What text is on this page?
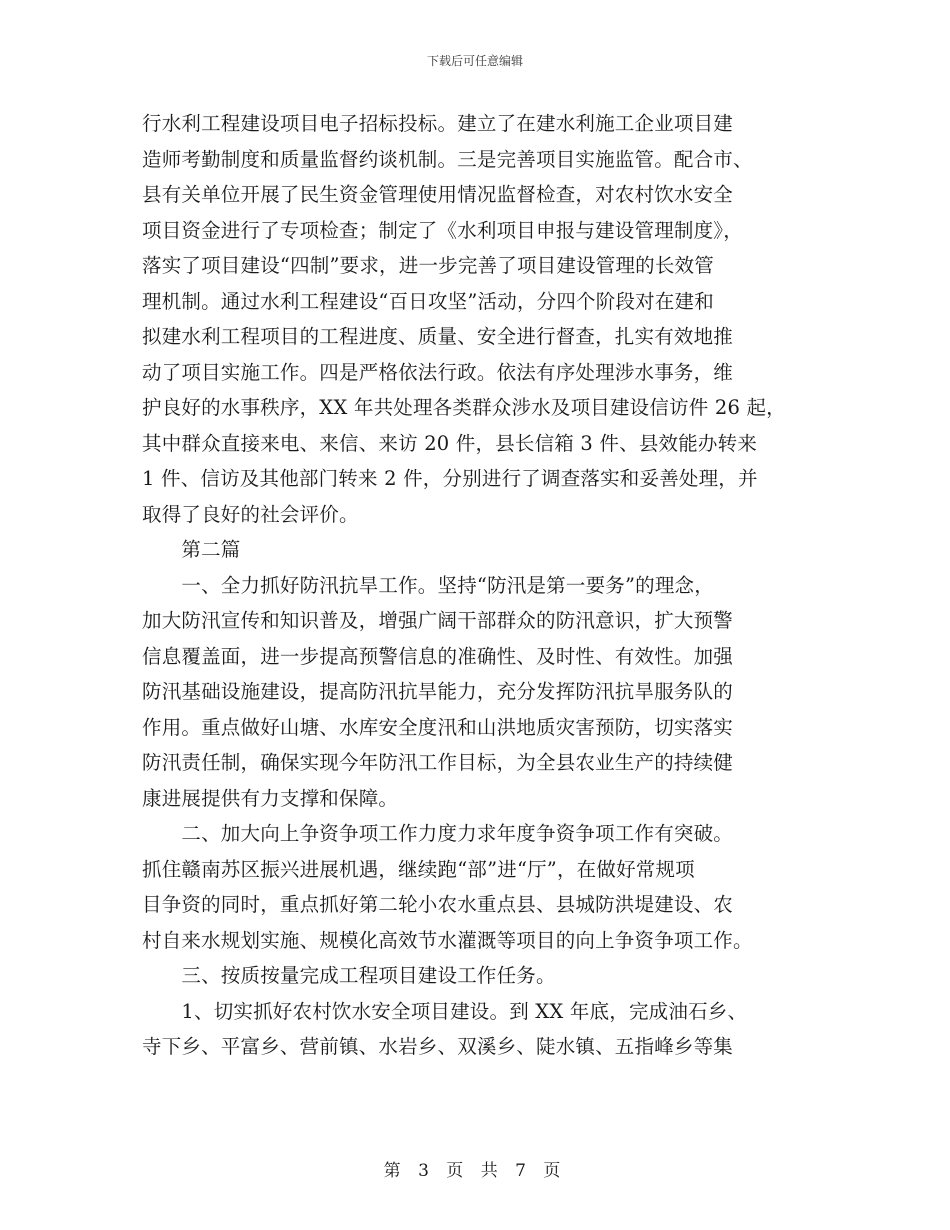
下载后可任意编辑
行水利工程建设项目电子招标投标。建立了在建水利施工企业项目建
造师考勤制度和质量监督约谈机制。三是完善项目实施监管。配合市、
县有关单位开展了民生资金管理使用情况监督检查，对农村饮水安全
项目资金进行了专项检查；制定了《水利项目申报与建设管理制度》，
落实了项目建设“四制”要求，进一步完善了项目建设管理的长效管
理机制。通过水利工程建设“百日攻坚”活动，分四个阶段对在建和
拟建水利工程项目的工程进度、质量、安全进行督查，扎实有效地推
动了项目实施工作。四是严格依法行政。依法有序处理涉水事务，维
护良好的水事秩序，XX 年共处理各类群众涉水及项目建设信访件 26 起，
其中群众直接来电、来信、来访 20 件，县长信箱 3 件、县效能办转来
1 件、信访及其他部门转来 2 件，分别进行了调查落实和妥善处理，并
取得了良好的社会评价。
　　第二篇
　　一、全力抓好防汛抗旱工作。坚持“防汛是第一要务”的理念，
加大防汛宣传和知识普及，增强广阔干部群众的防汛意识，扩大预警
信息覆盖面，进一步提高预警信息的准确性、及时性、有效性。加强
防汛基础设施建设，提高防汛抗旱能力，充分发挥防汛抗旱服务队的
作用。重点做好山塘、水库安全度汛和山洪地质灾害预防，切实落实
防汛责任制，确保实现今年防汛工作目标，为全县农业生产的持续健
康进展提供有力支撑和保障。
　　二、加大向上争资争项工作力度力求年度争资争项工作有突破。
抓住赣南苏区振兴进展机遇，继续跑“部”进“厅”，在做好常规项
目争资的同时，重点抓好第二轮小农水重点县、县城防洪堤建设、农
村自来水规划实施、规模化高效节水灌溉等项目的向上争资争项工作。
　　三、按质按量完成工程项目建设工作任务。
　　1、切实抓好农村饮水安全项目建设。到 XX 年底，完成油石乡、
寺下乡、平富乡、营前镇、水岩乡、双溪乡、陡水镇、五指峰乡等集
第 3 页 共 7 页
